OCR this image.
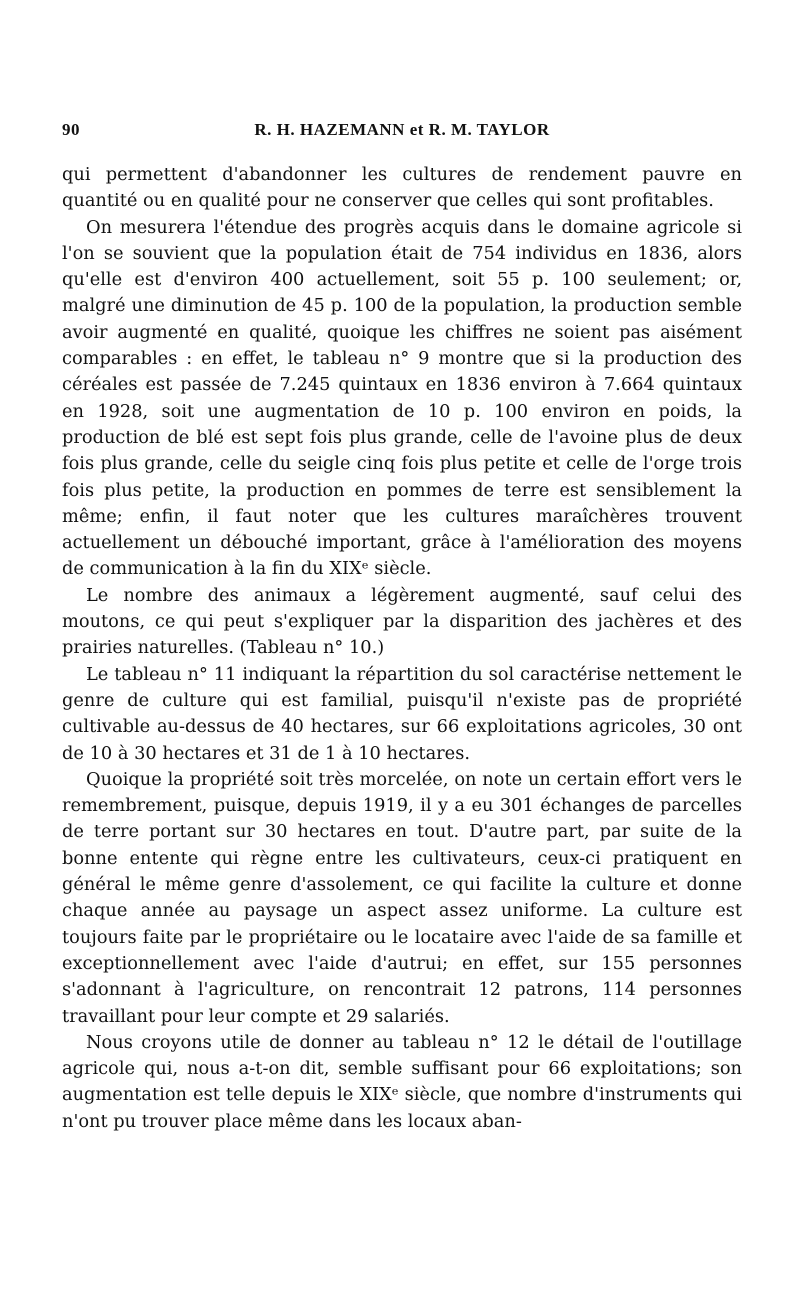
90	R. H. HAZEMANN et R. M. TAYLOR

qui permettent d'abandonner les cultures de rendement pauvre en quantité ou en qualité pour ne conserver que celles qui sont profitables.

On mesurera l'étendue des progrès acquis dans le domaine agricole si l'on se souvient que la population était de 754 individus en 1836, alors qu'elle est d'environ 400 actuellement, soit 55 p. 100 seulement; or, malgré une diminution de 45 p. 100 de la population, la production semble avoir augmenté en qualité, quoique les chiffres ne soient pas aisément comparables : en effet, le tableau n° 9 montre que si la production des céréales est passée de 7.245 quintaux en 1836 environ à 7.664 quintaux en 1928, soit une augmentation de 10 p. 100 environ en poids, la production de blé est sept fois plus grande, celle de l'avoine plus de deux fois plus grande, celle du seigle cinq fois plus petite et celle de l'orge trois fois plus petite, la production en pommes de terre est sensiblement la même; enfin, il faut noter que les cultures maraîchères trouvent actuellement un débouché important, grâce à l'amélioration des moyens de communication à la fin du XIXᵉ siècle.

Le nombre des animaux a légèrement augmenté, sauf celui des moutons, ce qui peut s'expliquer par la disparition des jachères et des prairies naturelles. (Tableau n° 10.)

Le tableau n° 11 indiquant la répartition du sol caractérise nettement le genre de culture qui est familial, puisqu'il n'existe pas de propriété cultivable au-dessus de 40 hectares, sur 66 exploitations agricoles, 30 ont de 10 à 30 hectares et 31 de 1 à 10 hectares.

Quoique la propriété soit très morcelée, on note un certain effort vers le remembrement, puisque, depuis 1919, il y a eu 301 échanges de parcelles de terre portant sur 30 hectares en tout. D'autre part, par suite de la bonne entente qui règne entre les cultivateurs, ceux-ci pratiquent en général le même genre d'assolement, ce qui facilite la culture et donne chaque année au paysage un aspect assez uniforme. La culture est toujours faite par le propriétaire ou le locataire avec l'aide de sa famille et exceptionnellement avec l'aide d'autrui; en effet, sur 155 personnes s'adonnant à l'agriculture, on rencontrait 12 patrons, 114 personnes travaillant pour leur compte et 29 salariés.

Nous croyons utile de donner au tableau n° 12 le détail de l'outillage agricole qui, nous a-t-on dit, semble suffisant pour 66 exploitations; son augmentation est telle depuis le XIXᵉ siècle, que nombre d'instruments qui n'ont pu trouver place même dans les locaux aban-
